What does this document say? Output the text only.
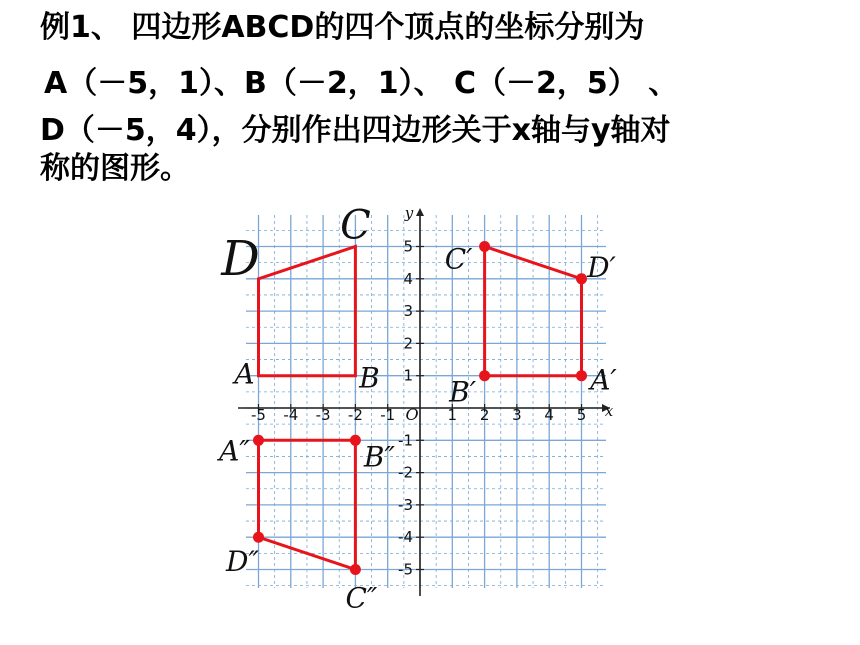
例1、 四边形ABCD的四个顶点的坐标分别为
A（－5，1）、B（－2，1）、 C（－2，5） 、
D（－5，4），分别作出四边形关于x轴与y轴对
称的图形。
x
y
O
-5 -4 -3 -2 -1	1 2 3 4 5
-5
-4
-3
-2
-1
1
2
3
4
5
A	B
C
D
A′
B′
C′	D′
A″	B″
C″
D″
